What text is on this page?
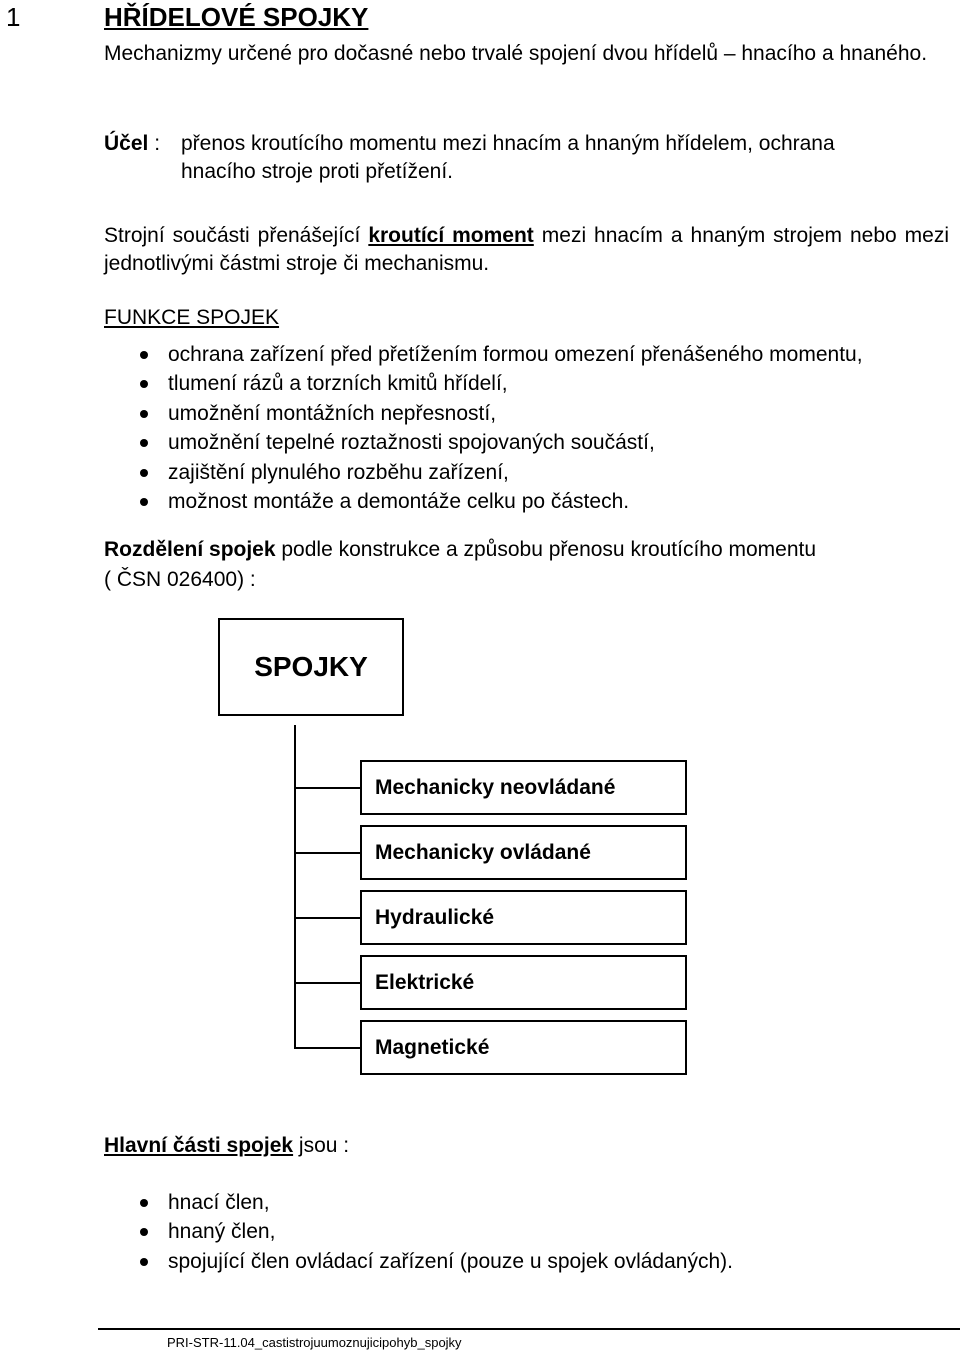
1	HŘÍDELOVÉ SPOJKY
Mechanizmy určené pro dočasné nebo trvalé spojení dvou hřídelů – hnacího a hnaného.
Účel : přenos kroutícího momentu mezi hnacím a hnaným hřídelem, ochrana
hnacího stroje proti přetížení.
Strojní součásti přenášející kroutící moment mezi hnacím a hnaným strojem nebo mezi jednotlivými částmi stroje či mechanismu.
FUNKCE SPOJEK
ochrana zařízení před přetížením formou omezení přenášeného momentu,
tlumení rázů a torzních kmitů hřídelí,
umožnění montážních nepřesností,
umožnění tepelné roztažnosti spojovaných součástí,
zajištění plynulého rozběhu zařízení,
možnost montáže a demontáže celku po částech.
Rozdělení spojek podle konstrukce a způsobu přenosu kroutícího momentu
( ČSN 026400) :
SPOJKY
Mechanicky neovládané
Mechanicky ovládané
Hydraulické
Elektrické
Magnetické
Hlavní části spojek jsou :
hnací člen,
hnaný člen,
spojující člen ovládací zařízení (pouze u spojek ovládaných).
PRI-STR-11.04_castistrojuumoznujicipohyb_spojky
